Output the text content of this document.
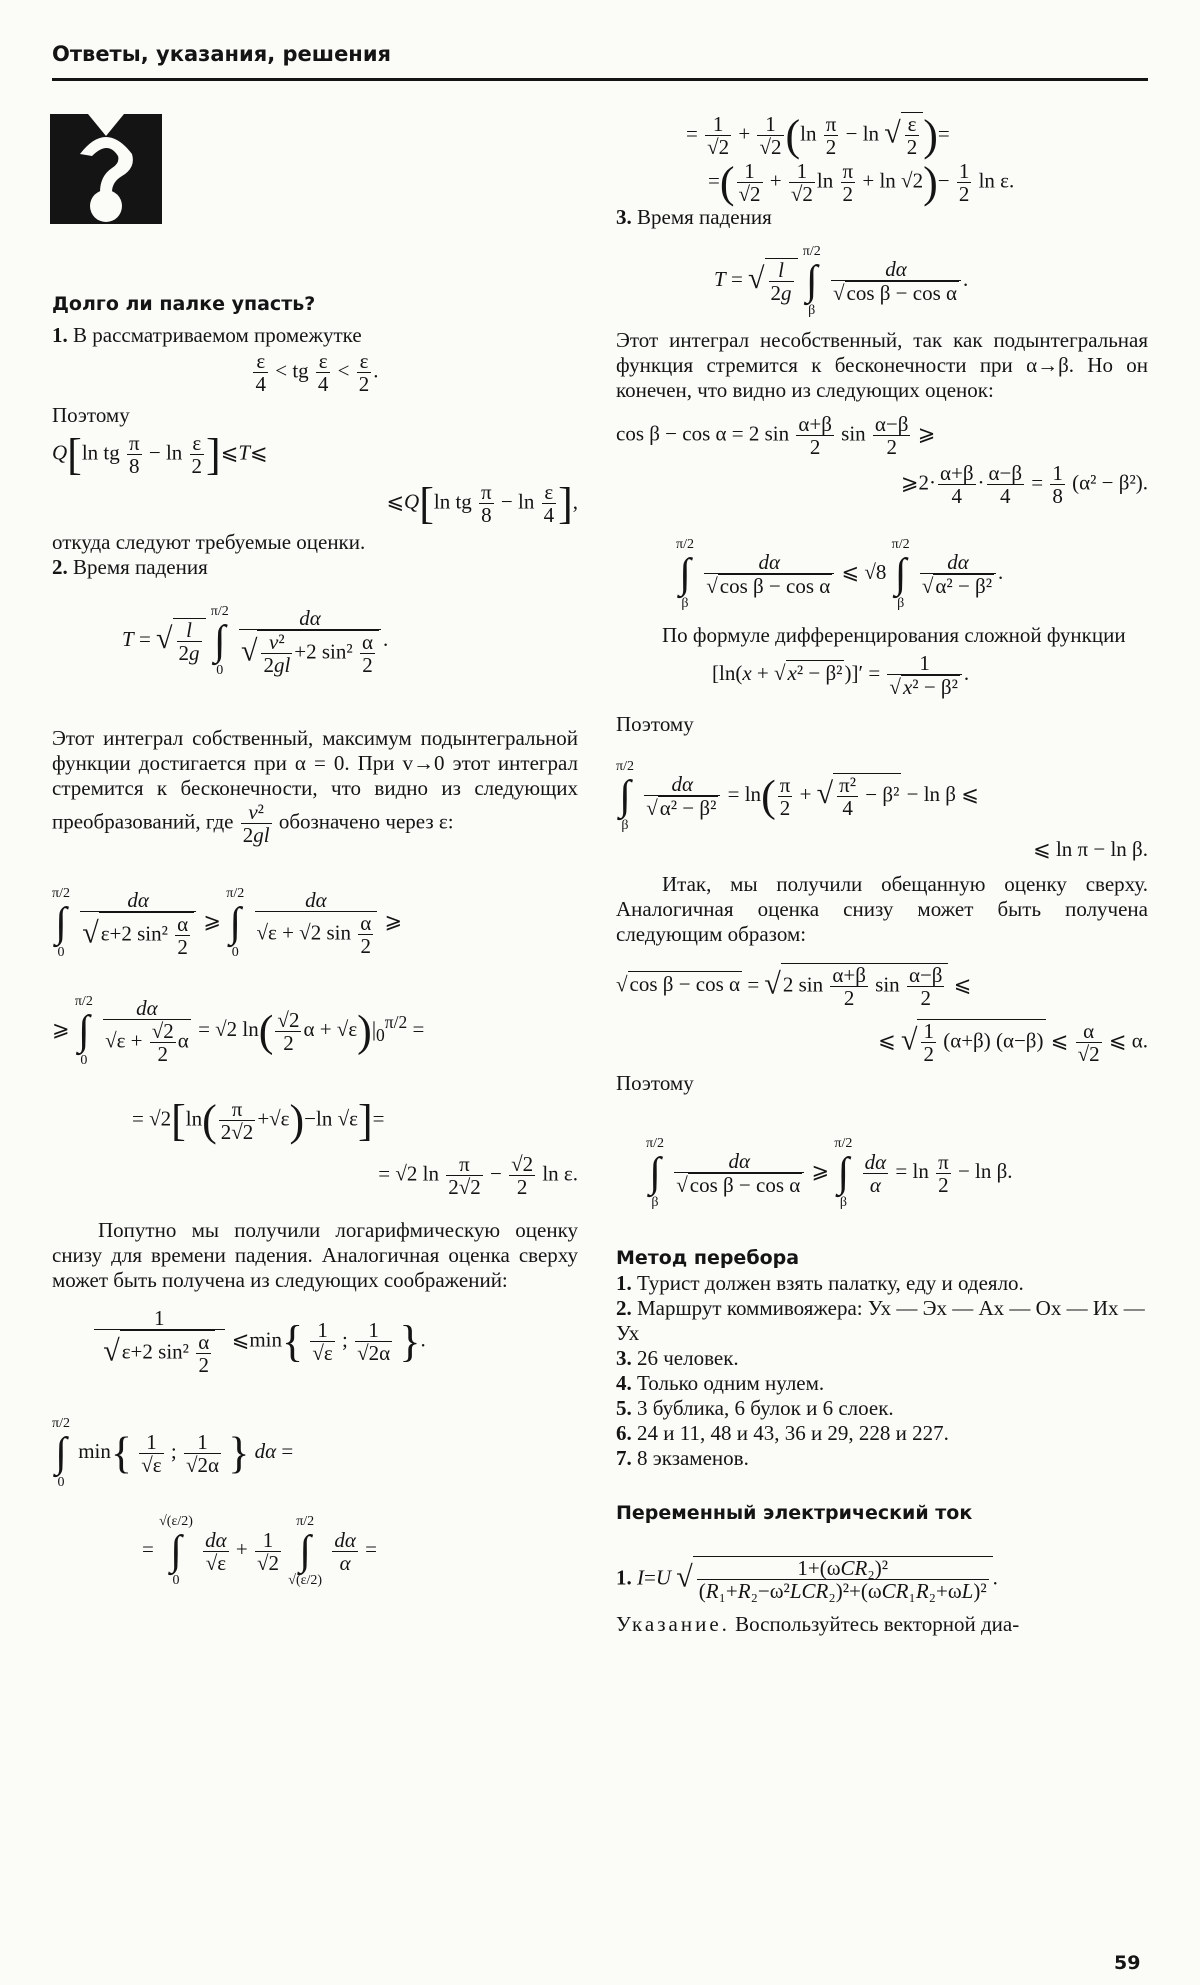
Ответы, указания, решения

Долго ли палке упасть?

1. В рассматриваемом промежутке

$\frac{\varepsilon}{4}$ < tg $\frac{\varepsilon}{4} < \frac{\varepsilon}{2}$ .

Поэтому

Q[ln tg $\frac{\pi}{8} - \ln \frac{\varepsilon}{2}$ ]⩽T⩽

⩽Q[ln tg $\frac{\pi}{8} - \ln \frac{\varepsilon}{4}$ ],

откуда следуют требуемые оценки.

2. Время падения

T = √ $\frac{l}{2g}$
π/2
∫
$0 \frac{d\alpha}{√ \frac{\text{v²}}{2gl} +2 \sin^2 \frac{\alpha}{2}}$ .

Этот интеграл собственный, максимум подынтегральной функции достигается при α = 0. При v→0 этот интеграл стремится к бесконечности, что видно из следующих преобразований, где $\frac{\text{v²}}{2gl}$ обозначено через ε:

π/2
∫
$0 \frac{d\alpha}{√\varepsilon+2 \sin^2 \frac{\alpha}{2}}$ ⩾ π/2
∫
$0 \frac{d\alpha}{√\varepsilon + √2 \sin \frac{\alpha}{2}}$ ⩾

⩾ π/2
∫
$0 \frac{d\alpha}{√\varepsilon + \frac{√2}{2} \alpha} = √2$ $\ln( \frac{√2}{2}$ $\alpha + √\varepsilon)|_0^{\pi/2}$ =

= $√2[\ln( \frac{\pi}{2√2} +√\varepsilon)-\ln$ √ε]=

= √2 $\ln \frac{\pi}{2√2} - \frac{√2}{2}$ ln ε.

Попутно мы получили логарифмическую оценку снизу для времени падения. Аналогичная оценка сверху может быть получена из следующих соображений:

$\frac{1}{√\varepsilon+2 \sin^2 \frac{\alpha}{2}}$ ⩽min{ $\frac{1}{√\varepsilon}$ ; $\frac{1}{√2\alpha}$ }.

π/2
∫
0 $\min\{ \frac{1}{√\varepsilon}$ ; $\frac{1}{√2\alpha}$ } dα =

= √(ε/2)
∫
0
$\frac{d\alpha}{√\varepsilon} + \frac{1}{√2}$
π/2
∫
√(ε/2)
$\frac{d\alpha}{\alpha}$ =

= $\frac{1}{√2} + \frac{1}{√2} (\ln \frac{\pi}{2} - \ln$ √ $\frac{\varepsilon}{2}$ )=

=( $\frac{1}{√2} + \frac{1}{√2}$ $\ln \frac{\pi}{2} + \ln √2)- \frac{1}{2}$ ln ε.

3. Время падения

T = √ $\frac{l}{2g}$
π/2
∫
β
$\frac{d\alpha}{\text{√cos β − cos α}}$ .

Этот интеграл несобственный, так как подынтегральная функция стремится к бесконечности при α→β. Но он конечен, что видно из следующих оценок:

cos β − cos α = 2 $\sin \frac{\alpha+\beta}{2}$ $\sin \frac{\alpha-\beta}{2}$ ⩾

⩾2· $\frac{\alpha+\beta}{4} \cdot \frac{\alpha-\beta}{4} = \frac{1}{8} (\alpha^2 - \beta^2)$.

π/2
∫
β
$\frac{d\alpha}{\text{√cos β − cos α}}$ ⩽ √8 π/2
∫
β
$\frac{d\alpha}{\text{√α² − β²}}$ .

По формуле дифференцирования сложной функции

$[\ln(x + √x^2 - \beta^2)]' = \frac{1}{\text{√x² − β²}}$ .

Поэтому

π/2
∫
β
$\frac{d\alpha}{\text{√α² − β²}} = \ln( \frac{\pi}{2}$ + √ $\frac{\text{π²}}{4} - \beta^2 - \ln \beta$ ⩽

⩽ ln π − ln β.

Итак, мы получили обещанную оценку сверху. Аналогичная оценка снизу может быть получена следующим образом:

√cos β − cos α = √2 $\sin \frac{\alpha+\beta}{2}$ $\sin \frac{\alpha-\beta}{2}$ ⩽

⩽ √ $\frac{1}{2} (\alpha+\beta)$ (α−β) ⩽ $\frac{\alpha}{√2}$ ⩽ α.

Поэтому

π/2
∫
β
$\frac{d\alpha}{\text{√cos β − cos α}}$ ⩾ π/2
∫
β
$\frac{d\alpha}{\alpha} = \ln \frac{\pi}{2} - \ln \beta$.

Метод перебора

1. Турист должен взять палатку, еду и одеяло.

2. Маршрут коммивояжера: Ух — Эх — Ах — Ох — Их — Ух

3. 26 человек.

4. Только одним нулем.

5. 3 бублика, 6 булок и 6 слоек.

6. 24 и 11, 48 и 43, 36 и 29, 228 и 227.

7. 8 экзаменов.

Переменный электрический ток

1. I=U √ $\frac{\text{1+(ωCR₂)²}}{\text{(R₁+R₂−ω²LCR₂)²+(ωCR₁R₂+ωL)²}}$ .

Указание. Воспользуйтесь векторной диа-

59
